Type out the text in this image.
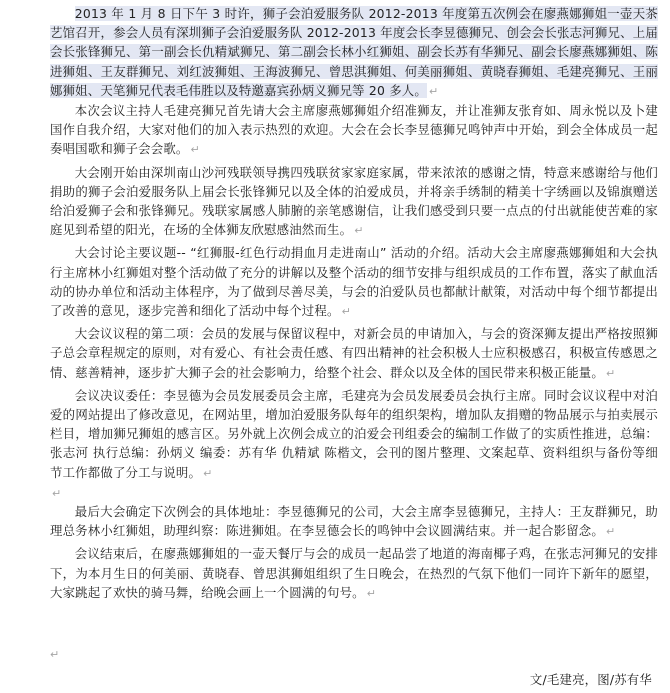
2013 年 1 月 8 日下午 3 时许，狮子会泊爱服务队 2012-2013 年度第五次例会在廖燕娜狮姐一壶天茶艺馆召开，参会人员有深圳狮子会泊爱服务队 2012-2013 年度会长李昱德狮兄、创会会长张志河狮兄、上届会长张锋狮兄、第一副会长仇精斌狮兄、第二副会长林小红狮姐、副会长苏有华狮兄、副会长廖燕娜狮姐、陈进狮姐、王友群狮兄、刘红波狮姐、王海波狮兄、曾思淇狮姐、何美丽狮姐、黄晓春狮姐、毛建亮狮兄、王丽娜狮姐、天笔狮兄代表毛伟胜以及特邀嘉宾孙炳义狮兄等 20 多人。 ↵

本次会议主持人毛建亮狮兄首先请大会主席廖燕娜狮姐介绍准狮友，并让准狮友张育如、周永悦以及卜建国作自我介绍，大家对他们的加入表示热烈的欢迎。大会在会长李昱德狮兄鸣钟声中开始，到会全体成员一起奏唱国歌和狮子会会歌。 ↵

大会刚开始由深圳南山沙河残联领导携四残联贫家家庭家属，带来浓浓的感谢之情，特意来感谢给与他们捐助的狮子会泊爱服务队上届会长张锋狮兄以及全体的泊爱成员，并将亲手绣制的精美十字绣画以及锦旗赠送给泊爱狮子会和张锋狮兄。残联家属感人肺腑的亲笔感谢信，让我们感受到只要一点点的付出就能使苦难的家庭见到希望的阳光，在场的全体狮友欣慰感油然而生。 ↵

大会讨论主要议题-- “红狮服-红色行动捐血月走进南山” 活动的介绍。活动大会主席廖燕娜狮姐和大会执行主席林小红狮姐对整个活动做了充分的讲解以及整个活动的细节安排与组织成员的工作布置，落实了献血活动的协办单位和活动主体程序，为了做到尽善尽美，与会的泊爱队员也都献计献策，对活动中每个细节都提出了改善的意见，逐步完善和细化了活动中每个过程。 ↵

大会议议程的第二项：会员的发展与保留议程中，对新会员的申请加入，与会的资深狮友提出严格按照狮子总会章程规定的原则，对有爱心、有社会责任感、有四出精神的社会积极人士应积极感召，积极宣传感恩之情、慈善精神，逐步扩大狮子会的社会影响力，给整个社会、群众以及全体的国民带来积极正能量。 ↵

会议决议委任：李昱德为会员发展委员会主席，毛建亮为会员发展委员会执行主席。同时会议议程中对泊爱的网站提出了修改意见，在网站里，增加泊爱服务队每年的组织架构，增加队友捐赠的物品展示与拍卖展示栏目，增加狮兄狮姐的感言区。另外就上次例会成立的泊爱会刊组委会的编制工作做了的实质性推进，总编：张志河 执行总编：孙炳义 编委：苏有华 仇精斌 陈楷文，会刊的图片整理、文案起草、资料组织与备份等细节工作都做了分工与说明。 ↵

↵

最后大会确定下次例会的具体地址：李昱德狮兄的公司，大会主席李昱德狮兄，主持人：王友群狮兄，助理总务林小红狮姐，助理纠察：陈进狮姐。在李昱德会长的鸣钟中会议圆满结束。并一起合影留念。 ↵

会议结束后，在廖燕娜狮姐的一壶天餐厅与会的成员一起品尝了地道的海南椰子鸡，在张志河狮兄的安排下，为本月生日的何美丽、黄晓春、曾思淇狮姐组织了生日晚会，在热烈的气氛下他们一同许下新年的愿望，大家跳起了欢快的骑马舞，给晚会画上一个圆满的句号。 ↵

↵
文/毛建亮，图/苏有华
